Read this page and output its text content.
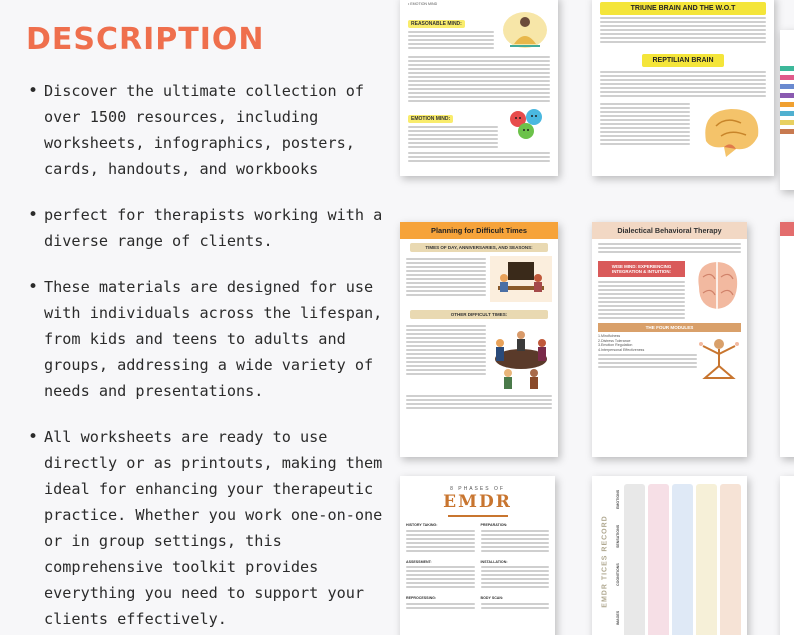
DESCRIPTION
• Discover the ultimate collection of over 1500 resources, including worksheets, infographics, posters, cards, handouts, and workbooks
• perfect for therapists working with a diverse range of clients.
• These materials are designed for use with individuals across the lifespan, from kids and teens to adults and groups, addressing a wide variety of needs and presentations.
• All worksheets are ready to use directly or as printouts, making them ideal for enhancing your therapeutic practice. Whether you work one-on-one or in group settings, this comprehensive toolkit provides everything you need to support your clients effectively.
• EMOTION MIND
REASONABLE MIND:
EMOTION MIND:
TRIUNE BRAIN AND THE W.O.T
REPTILIAN BRAIN
Planning for Difficult Times
TIMES OF DAY, ANNIVERSARIES, AND SEASONS:
OTHER DIFFICULT TIMES:
Dialectical Behavioral Therapy
WISE MIND: EXPERIENCING INTEGRATION & INTUITION:
THE FOUR MODULES
1.Mindfulness
2.Distress Tolerance
3.Emotion Regulation
4.Interpersonal Effectiveness
8 PHASES OF
EMDR
HISTORY TAKING:	PREPARATION:
ASSESSMENT:	INSTALLATION:
REPROCESSING:	BODY SCAN:	EMDR TICES RECORD
EMOTIONS
SENSATIONS
COGNITIONS
IMAGES
